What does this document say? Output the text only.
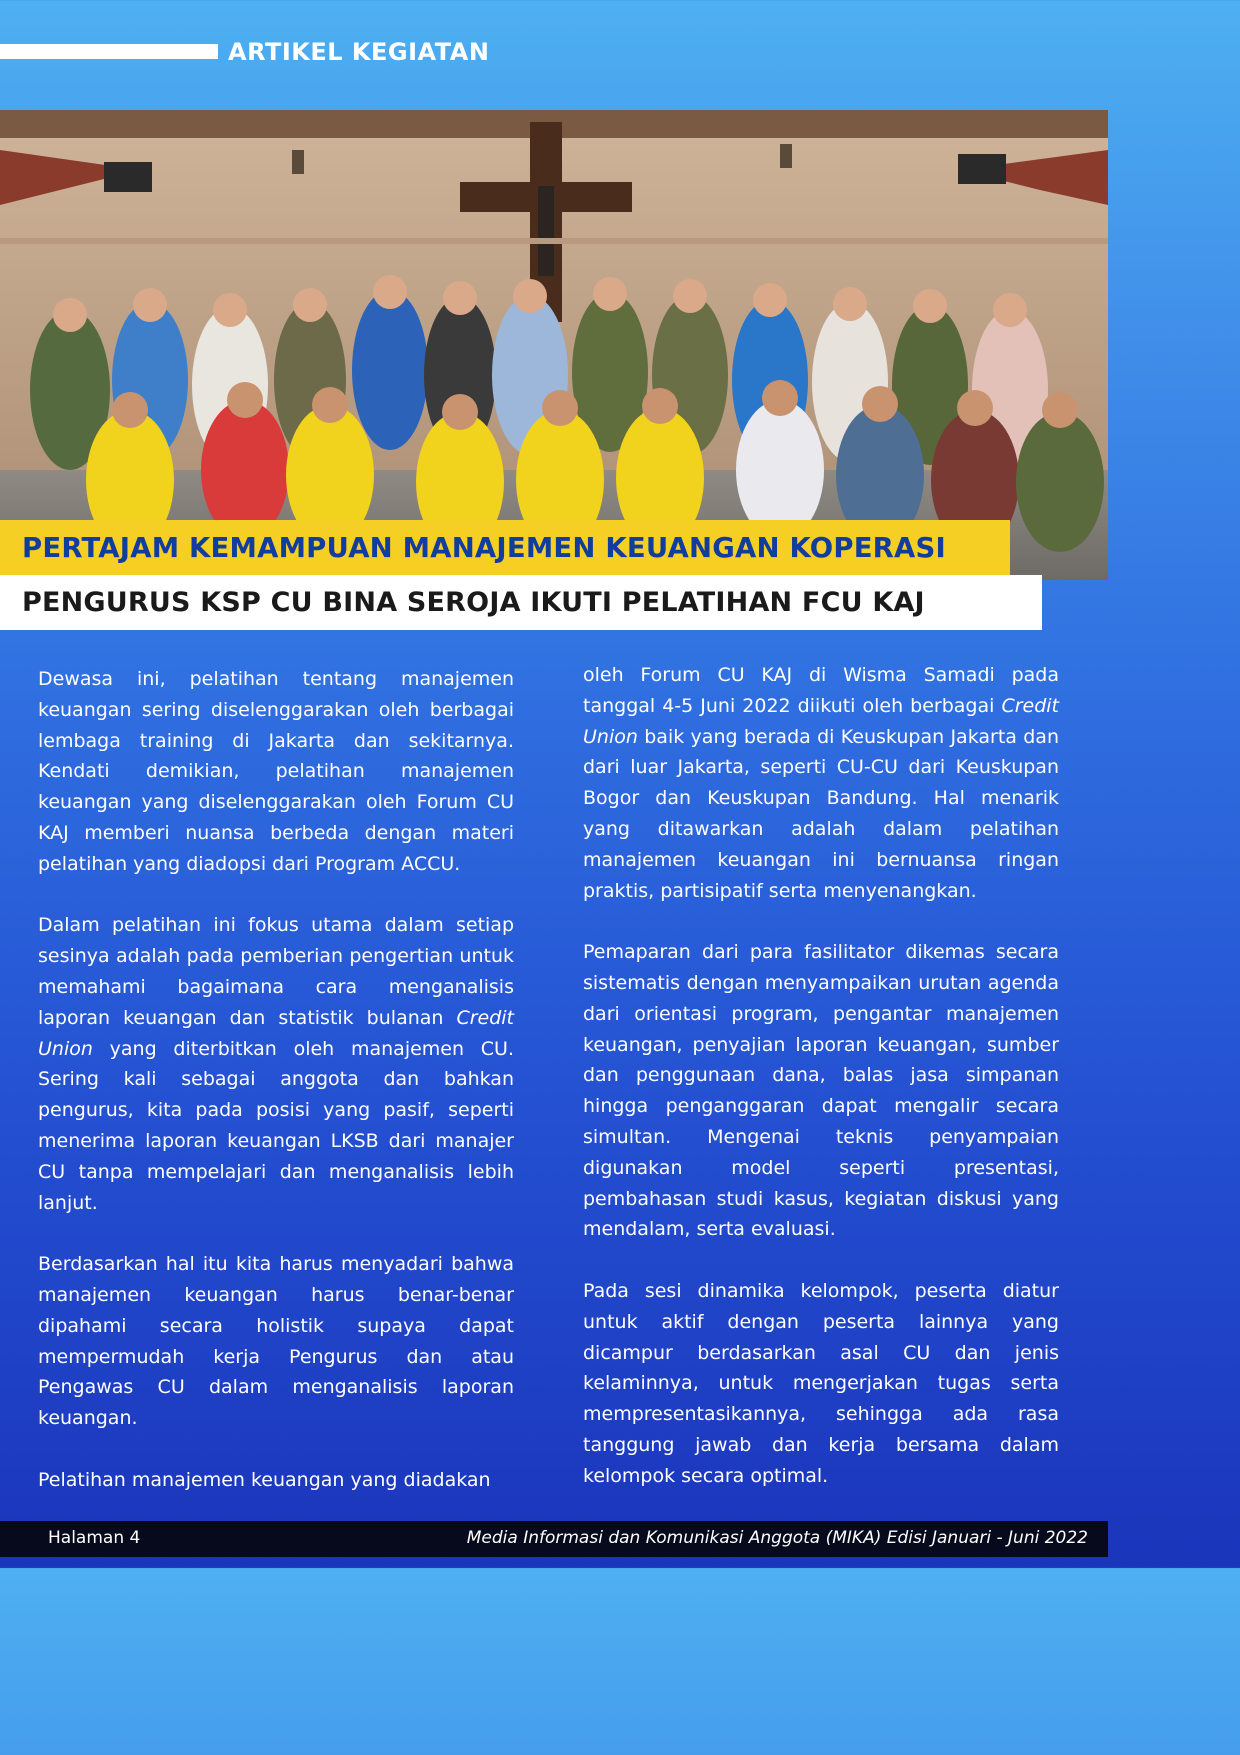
ARTIKEL KEGIATAN
PERTAJAM KEMAMPUAN MANAJEMEN KEUANGAN KOPERASI
PENGURUS KSP CU BINA SEROJA IKUTI PELATIHAN FCU KAJ

Dewasa ini, pelatihan tentang manajemen keuangan sering diselenggarakan oleh berbagai lembaga training di Jakarta dan sekitarnya. Kendati demikian, pelatihan manajemen keuangan yang diselenggarakan oleh Forum CU KAJ memberi nuansa berbeda dengan materi pelatihan yang diadopsi dari Program ACCU.

Dalam pelatihan ini fokus utama dalam setiap sesinya adalah pada pemberian pengertian untuk memahami bagaimana cara menganalisis laporan keuangan dan statistik bulanan Credit Union yang diterbitkan oleh manajemen CU. Sering kali sebagai anggota dan bahkan pengurus, kita pada posisi yang pasif, seperti menerima laporan keuangan LKSB dari manajer CU tanpa mempelajari dan menganalisis lebih lanjut.

Berdasarkan hal itu kita harus menyadari bahwa manajemen keuangan harus benar-benar dipahami secara holistik supaya dapat mempermudah kerja Pengurus dan atau Pengawas CU dalam menganalisis laporan keuangan.

Pelatihan manajemen keuangan yang diadakan

oleh Forum CU KAJ di Wisma Samadi pada tanggal 4-5 Juni 2022 diikuti oleh berbagai Credit Union baik yang berada di Keuskupan Jakarta dan dari luar Jakarta, seperti CU-CU dari Keuskupan Bogor dan Keuskupan Bandung. Hal menarik yang ditawarkan adalah dalam pelatihan manajemen keuangan ini bernuansa ringan praktis, partisipatif serta menyenangkan.

Pemaparan dari para fasilitator dikemas secara sistematis dengan menyampaikan urutan agenda dari orientasi program, pengantar manajemen keuangan, penyajian laporan keuangan, sumber dan penggunaan dana, balas jasa simpanan hingga penganggaran dapat mengalir secara simultan. Mengenai teknis penyampaian digunakan model seperti presentasi, pembahasan studi kasus, kegiatan diskusi yang mendalam, serta evaluasi.

Pada sesi dinamika kelompok, peserta diatur untuk aktif dengan peserta lainnya yang dicampur berdasarkan asal CU dan jenis kelaminnya, untuk mengerjakan tugas serta mempresentasikannya, sehingga ada rasa tanggung jawab dan kerja bersama dalam kelompok secara optimal.

Halaman 4	Media Informasi dan Komunikasi Anggota (MIKA) Edisi Januari - Juni 2022
